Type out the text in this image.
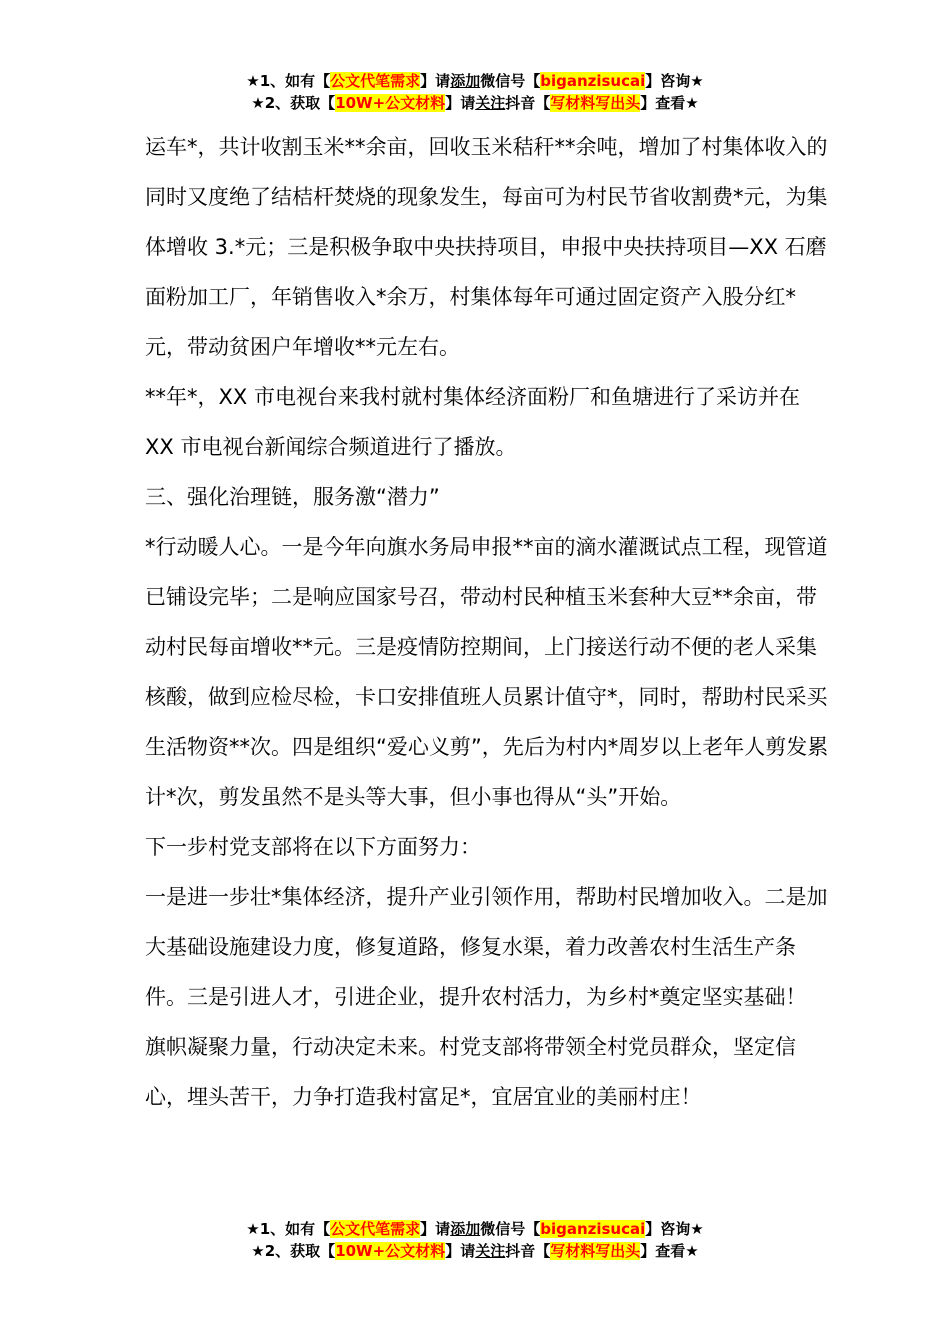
★1、如有【公文代笔需求】请添加微信号【biganzisucai】咨询★
★2、获取【10W+公文材料】请关注抖音【写材料写出头】查看★

运车*，共计收割玉米**余亩，回收玉米秸秆**余吨，增加了村集体收入的同时又度绝了结桔杆焚烧的现象发生，每亩可为村民节省收割费*元，为集体增收 3.*元；三是积极争取中央扶持项目，申报中央扶持项目—XX 石磨面粉加工厂，年销售收入*余万，村集体每年可通过固定资产入股分红*元，带动贫困户年增收**元左右。

**年*，XX 市电视台来我村就村集体经济面粉厂和鱼塘进行了采访并在 XX 市电视台新闻综合频道进行了播放。

三、强化治理链，服务激“潜力”

*行动暖人心。一是今年向旗水务局申报**亩的滴水灌溉试点工程，现管道已铺设完毕；二是响应国家号召，带动村民种植玉米套种大豆**余亩，带动村民每亩增收**元。三是疫情防控期间，上门接送行动不便的老人采集核酸，做到应检尽检，卡口安排值班人员累计值守*，同时，帮助村民采买生活物资**次。四是组织“爱心义剪”，先后为村内*周岁以上老年人剪发累计*次，剪发虽然不是头等大事，但小事也得从“头”开始。

下一步村党支部将在以下方面努力：

一是进一步壮*集体经济，提升产业引领作用，帮助村民增加收入。二是加大基础设施建设力度，修复道路，修复水渠，着力改善农村生活生产条件。三是引进人才，引进企业，提升农村活力，为乡村*奠定坚实基础！

旗帜凝聚力量，行动决定未来。村党支部将带领全村党员群众，坚定信心，埋头苦干，力争打造我村富足*，宜居宜业的美丽村庄！

★1、如有【公文代笔需求】请添加微信号【biganzisucai】咨询★
★2、获取【10W+公文材料】请关注抖音【写材料写出头】查看★
